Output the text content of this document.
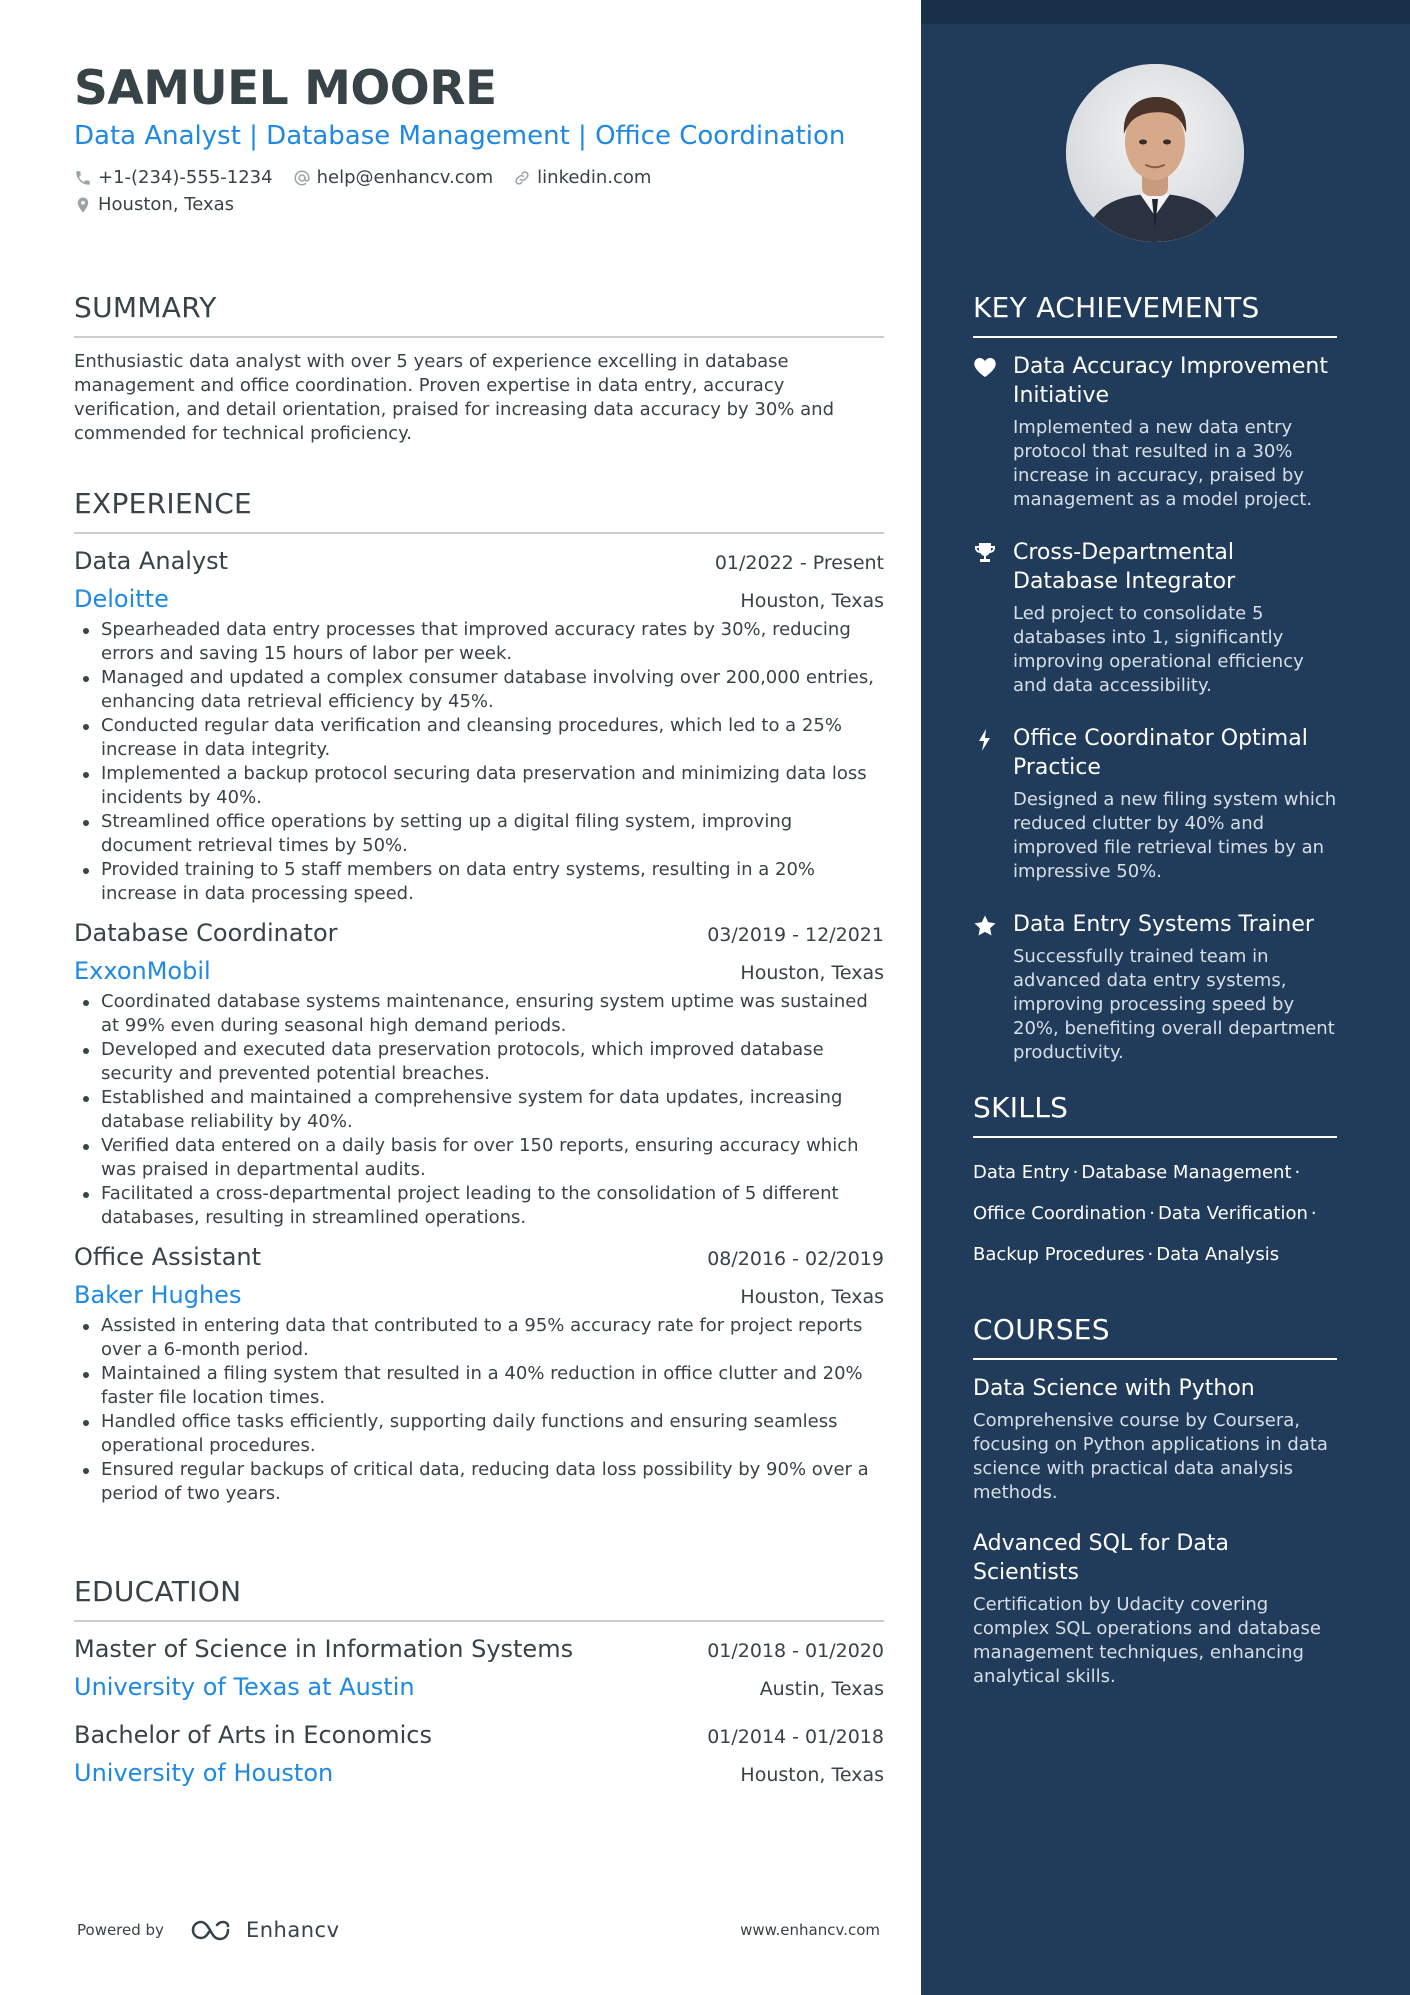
SAMUEL MOORE
Data Analyst | Database Management | Office Coordination
+1-(234)-555-1234 help@enhancv.com linkedin.com
Houston, Texas
SUMMARY
Enthusiastic data analyst with over 5 years of experience excelling in database management and office coordination. Proven expertise in data entry, accuracy verification, and detail orientation, praised for increasing data accuracy by 30% and commended for technical proficiency.
EXPERIENCE
Data Analyst	01/2022 - Present
Deloitte	Houston, Texas
Spearheaded data entry processes that improved accuracy rates by 30%, reducing errors and saving 15 hours of labor per week.
Managed and updated a complex consumer database involving over 200,000 entries, enhancing data retrieval efficiency by 45%.
Conducted regular data verification and cleansing procedures, which led to a 25% increase in data integrity.
Implemented a backup protocol securing data preservation and minimizing data loss incidents by 40%.
Streamlined office operations by setting up a digital filing system, improving document retrieval times by 50%.
Provided training to 5 staff members on data entry systems, resulting in a 20% increase in data processing speed.
Database Coordinator	03/2019 - 12/2021
ExxonMobil	Houston, Texas
Coordinated database systems maintenance, ensuring system uptime was sustained at 99% even during seasonal high demand periods.
Developed and executed data preservation protocols, which improved database security and prevented potential breaches.
Established and maintained a comprehensive system for data updates, increasing database reliability by 40%.
Verified data entered on a daily basis for over 150 reports, ensuring accuracy which was praised in departmental audits.
Facilitated a cross-departmental project leading to the consolidation of 5 different databases, resulting in streamlined operations.
Office Assistant	08/2016 - 02/2019
Baker Hughes	Houston, Texas
Assisted in entering data that contributed to a 95% accuracy rate for project reports over a 6-month period.
Maintained a filing system that resulted in a 40% reduction in office clutter and 20% faster file location times.
Handled office tasks efficiently, supporting daily functions and ensuring seamless operational procedures.
Ensured regular backups of critical data, reducing data loss possibility by 90% over a period of two years.
EDUCATION
Master of Science in Information Systems	01/2018 - 01/2020
University of Texas at Austin	Austin, Texas
Bachelor of Arts in Economics	01/2014 - 01/2018
University of Houston	Houston, Texas
Powered by	Enhancv	www.enhancv.com
KEY ACHIEVEMENTS
Data Accuracy Improvement Initiative
Implemented a new data entry protocol that resulted in a 30% increase in accuracy, praised by management as a model project.
Cross-Departmental Database Integrator
Led project to consolidate 5 databases into 1, significantly improving operational efficiency and data accessibility.
Office Coordinator Optimal Practice
Designed a new filing system which reduced clutter by 40% and improved file retrieval times by an impressive 50%.
Data Entry Systems Trainer
Successfully trained team in advanced data entry systems, improving processing speed by 20%, benefiting overall department productivity.
SKILLS
Data Entry · Database Management ·
Office Coordination · Data Verification ·
Backup Procedures · Data Analysis
COURSES
Data Science with Python
Comprehensive course by Coursera, focusing on Python applications in data science with practical data analysis methods.
Advanced SQL for Data Scientists
Certification by Udacity covering complex SQL operations and database management techniques, enhancing analytical skills.
